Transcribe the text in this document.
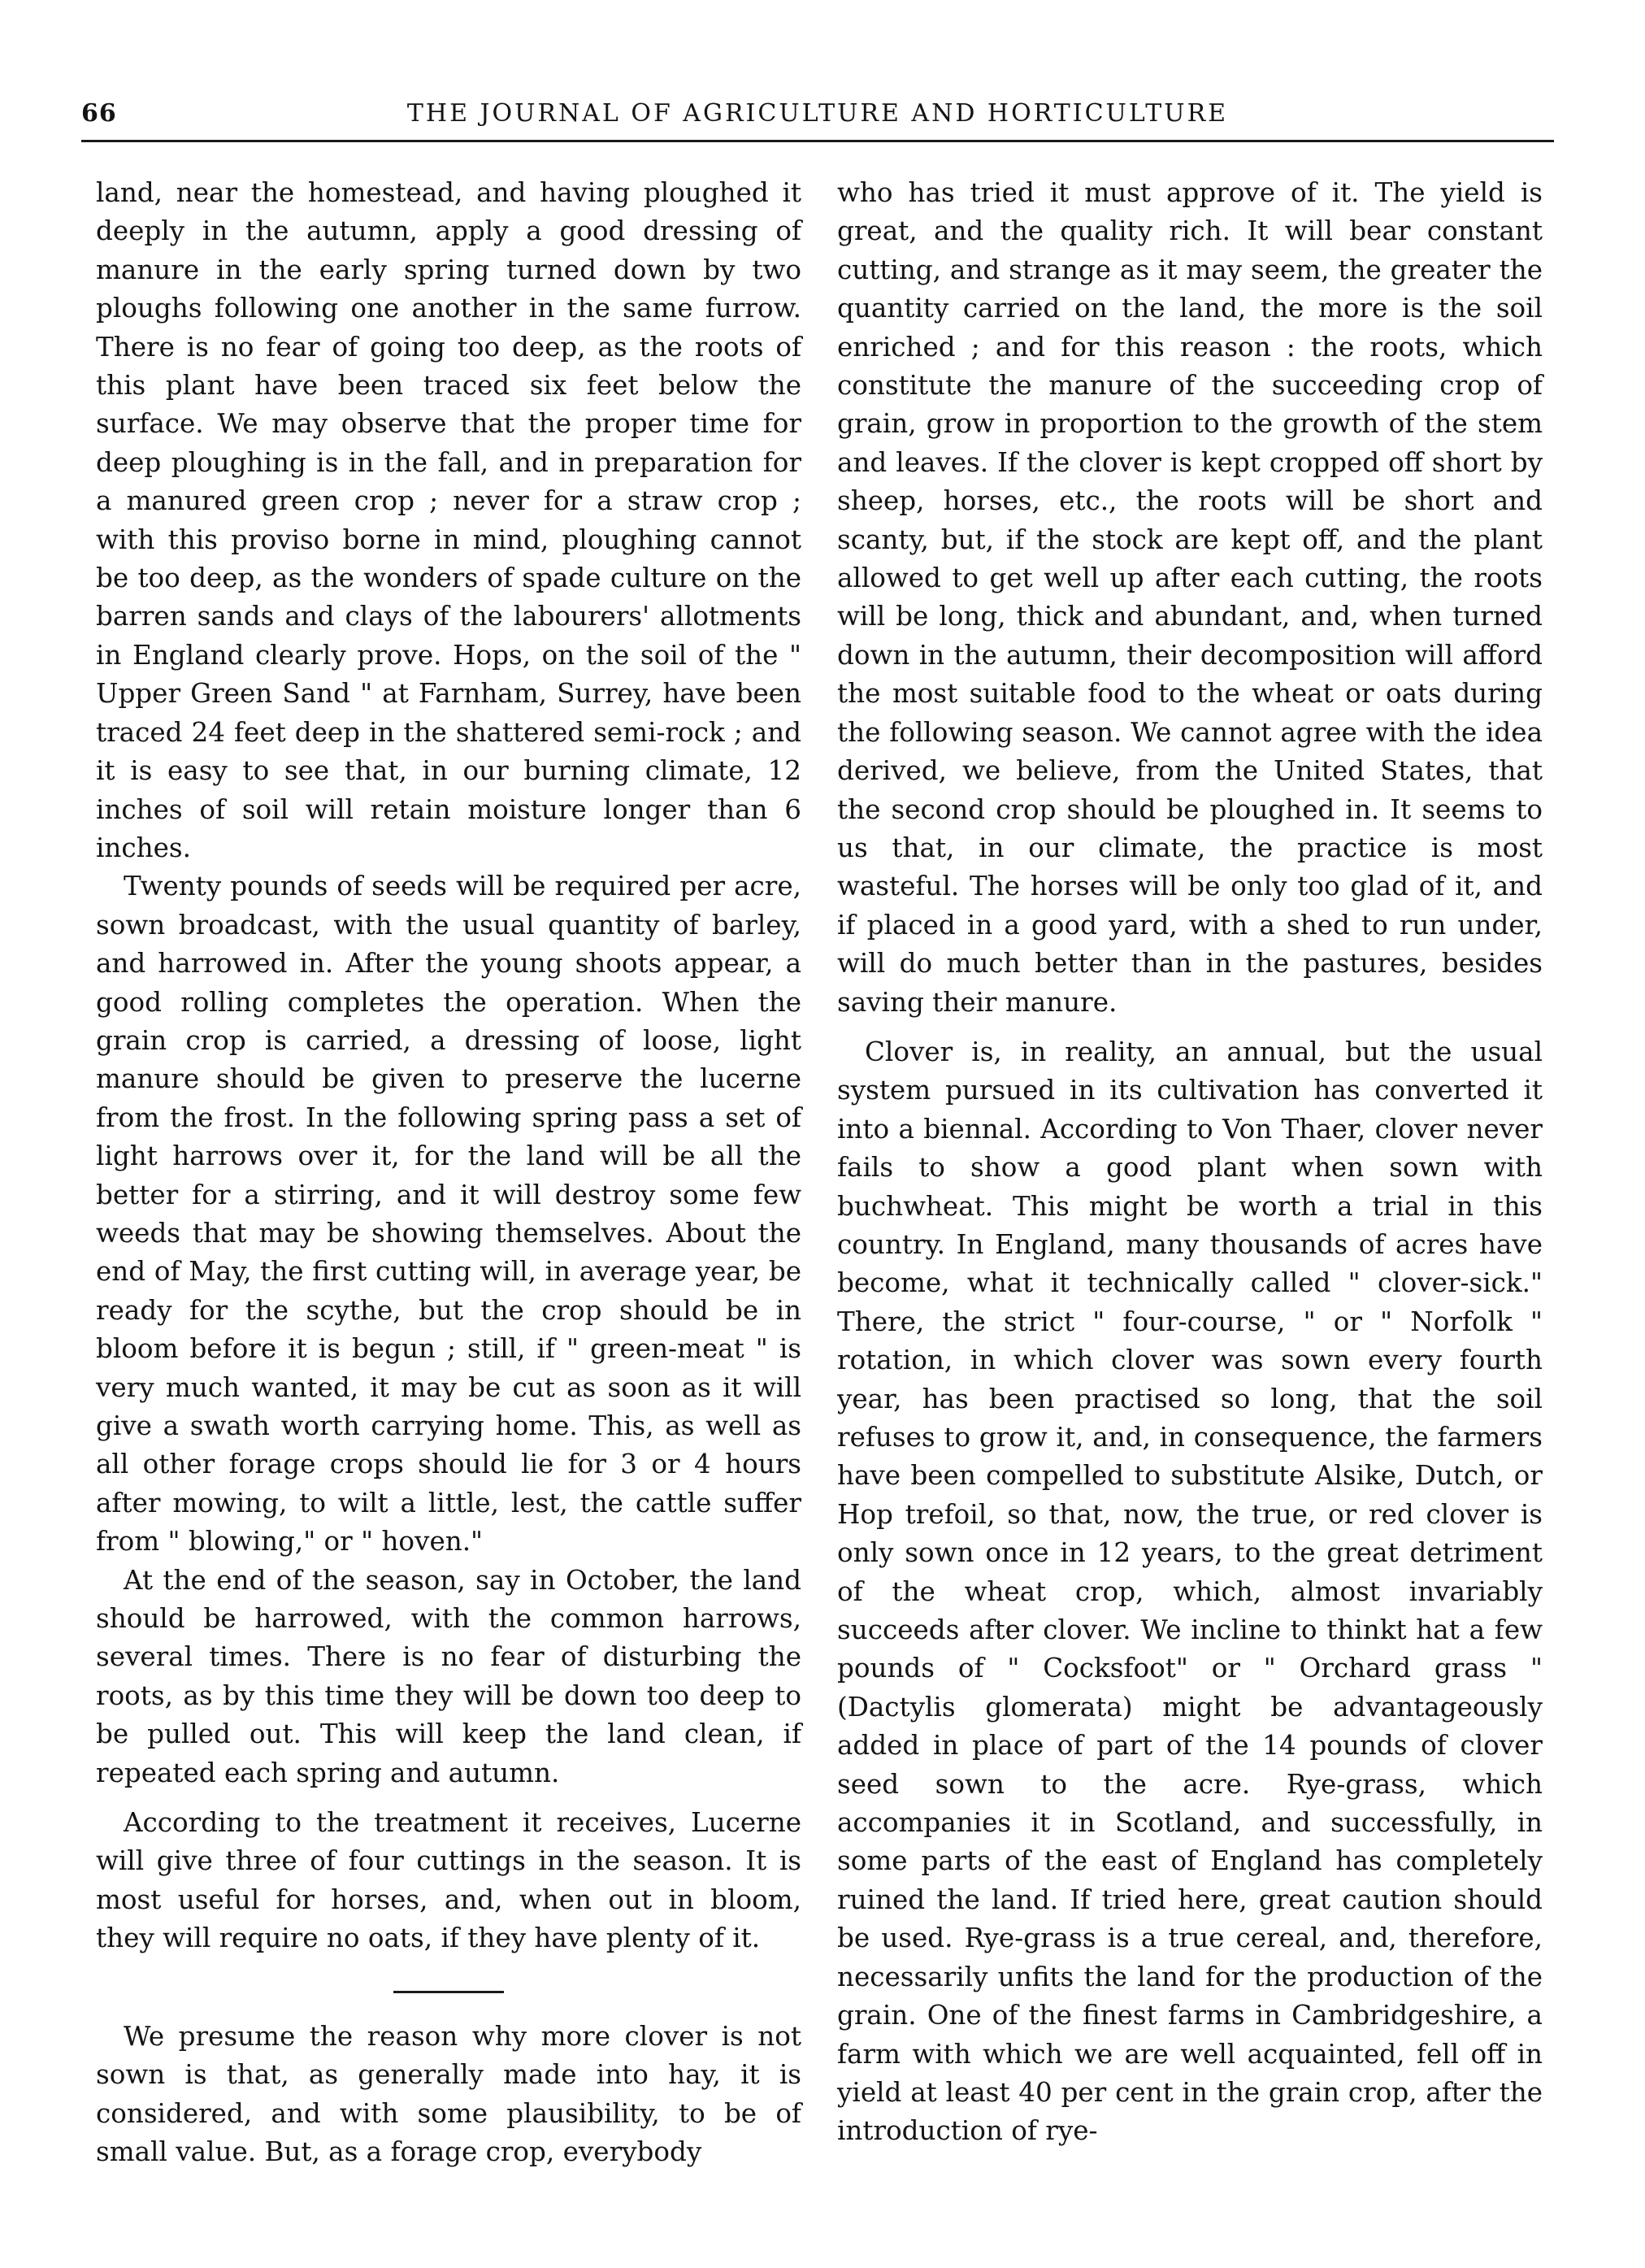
66	THE JOURNAL OF AGRICULTURE AND HORTICULTURE

land, near the homestead, and having ploughed it deeply in the autumn, apply a good dressing of manure in the early spring turned down by two ploughs following one another in the same furrow. There is no fear of going too deep, as the roots of this plant have been traced six feet below the surface. We may observe that the proper time for deep ploughing is in the fall, and in preparation for a manured green crop ; never for a straw crop ; with this proviso borne in mind, ploughing cannot be too deep, as the wonders of spade culture on the barren sands and clays of the labourers' allotments in England clearly prove. Hops, on the soil of the " Upper Green Sand " at Farnham, Surrey, have been traced 24 feet deep in the shattered semi-rock ; and it is easy to see that, in our burning climate, 12 inches of soil will retain moisture longer than 6 inches.

Twenty pounds of seeds will be required per acre, sown broadcast, with the usual quantity of barley, and harrowed in. After the young shoots appear, a good rolling completes the operation. When the grain crop is carried, a dressing of loose, light manure should be given to preserve the lucerne from the frost. In the following spring pass a set of light harrows over it, for the land will be all the better for a stirring, and it will destroy some few weeds that may be showing themselves. About the end of May, the first cutting will, in average year, be ready for the scythe, but the crop should be in bloom before it is begun ; still, if " green-meat " is very much wanted, it may be cut as soon as it will give a swath worth carrying home. This, as well as all other forage crops should lie for 3 or 4 hours after mowing, to wilt a little, lest, the cattle suffer from " blowing," or " hoven."

At the end of the season, say in October, the land should be harrowed, with the common harrows, several times. There is no fear of disturbing the roots, as by this time they will be down too deep to be pulled out. This will keep the land clean, if repeated each spring and autumn.

According to the treatment it receives, Lucerne will give three of four cuttings in the season. It is most useful for horses, and, when out in bloom, they will require no oats, if they have plenty of it.

We presume the reason why more clover is not sown is that, as generally made into hay, it is considered, and with some plausibility, to be of small value. But, as a forage crop, everybody

who has tried it must approve of it. The yield is great, and the quality rich. It will bear constant cutting, and strange as it may seem, the greater the quantity carried on the land, the more is the soil enriched ; and for this reason : the roots, which constitute the manure of the succeeding crop of grain, grow in proportion to the growth of the stem and leaves. If the clover is kept cropped off short by sheep, horses, etc., the roots will be short and scanty, but, if the stock are kept off, and the plant allowed to get well up after each cutting, the roots will be long, thick and abundant, and, when turned down in the autumn, their decomposition will afford the most suitable food to the wheat or oats during the following season. We cannot agree with the idea derived, we believe, from the United States, that the second crop should be ploughed in. It seems to us that, in our climate, the practice is most wasteful. The horses will be only too glad of it, and if placed in a good yard, with a shed to run under, will do much better than in the pastures, besides saving their manure.

Clover is, in reality, an annual, but the usual system pursued in its cultivation has converted it into a biennal. According to Von Thaer, clover never fails to show a good plant when sown with buchwheat. This might be worth a trial in this country. In England, many thousands of acres have become, what it technically called " clover-sick." There, the strict " four-course, " or " Norfolk " rotation, in which clover was sown every fourth year, has been practised so long, that the soil refuses to grow it, and, in consequence, the farmers have been compelled to substitute Alsike, Dutch, or Hop trefoil, so that, now, the true, or red clover is only sown once in 12 years, to the great detriment of the wheat crop, which, almost invariably succeeds after clover. We incline to thinkt hat a few pounds of " Cocksfoot" or " Orchard grass " (Dactylis glomerata) might be advantageously added in place of part of the 14 pounds of clover seed sown to the acre. Rye-grass, which accompanies it in Scotland, and successfully, in some parts of the east of England has completely ruined the land. If tried here, great caution should be used. Rye-grass is a true cereal, and, therefore, necessarily unfits the land for the production of the grain. One of the finest farms in Cambridgeshire, a farm with which we are well acquainted, fell off in yield at least 40 per cent in the grain crop, after the introduction of rye-
